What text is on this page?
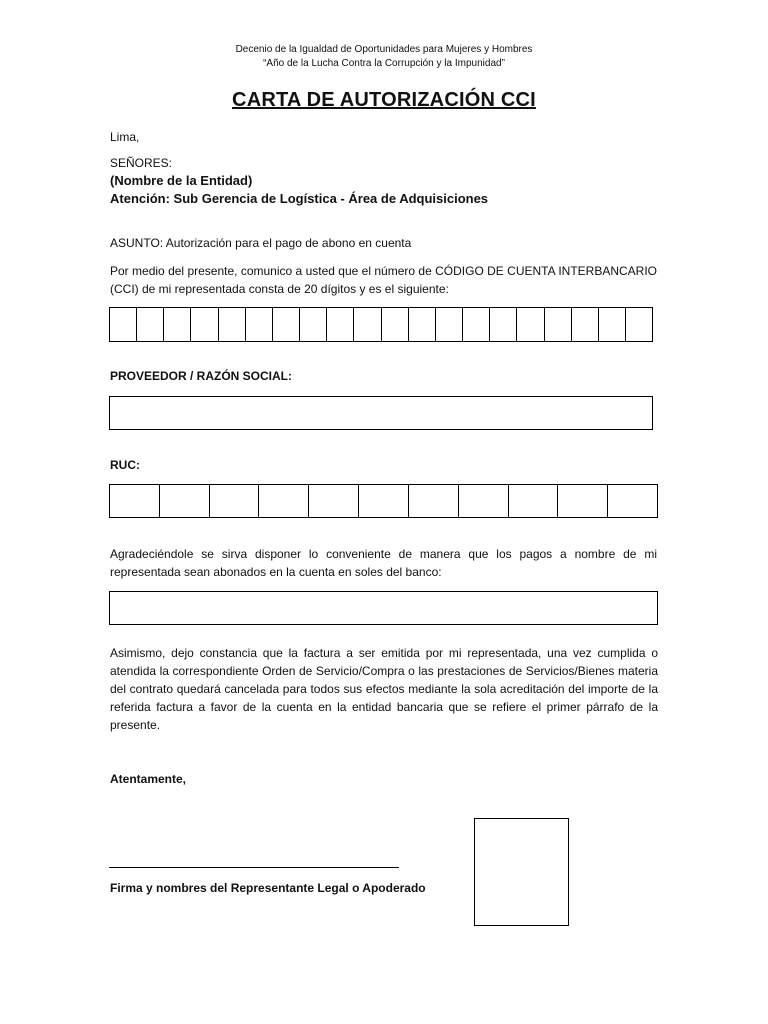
Decenio de la Igualdad de Oportunidades para Mujeres y Hombres
“Año de la Lucha Contra la Corrupción y la Impunidad”
CARTA DE AUTORIZACIÓN CCI
Lima,
SEÑORES:
(Nombre de la Entidad)
Atención: Sub Gerencia de Logística - Área de Adquisiciones
ASUNTO: Autorización para el pago de abono en cuenta
Por medio del presente, comunico a usted que el número de CÓDIGO DE CUENTA INTERBANCARIO (CCI) de mi representada consta de 20 dígitos y es el siguiente:
PROVEEDOR / RAZÓN SOCIAL:
RUC:
Agradeciéndole se sirva disponer lo conveniente de manera que los pagos a nombre de mi representada sean abonados en la cuenta en soles del banco:
Asimismo, dejo constancia que la factura a ser emitida por mi representada, una vez cumplida o atendida la correspondiente Orden de Servicio/Compra o las prestaciones de Servicios/Bienes materia del contrato quedará cancelada para todos sus efectos mediante la sola acreditación del importe de la referida factura a favor de la cuenta en la entidad bancaria que se refiere el primer párrafo de la presente.
Atentamente,
Firma y nombres del Representante Legal o Apoderado
